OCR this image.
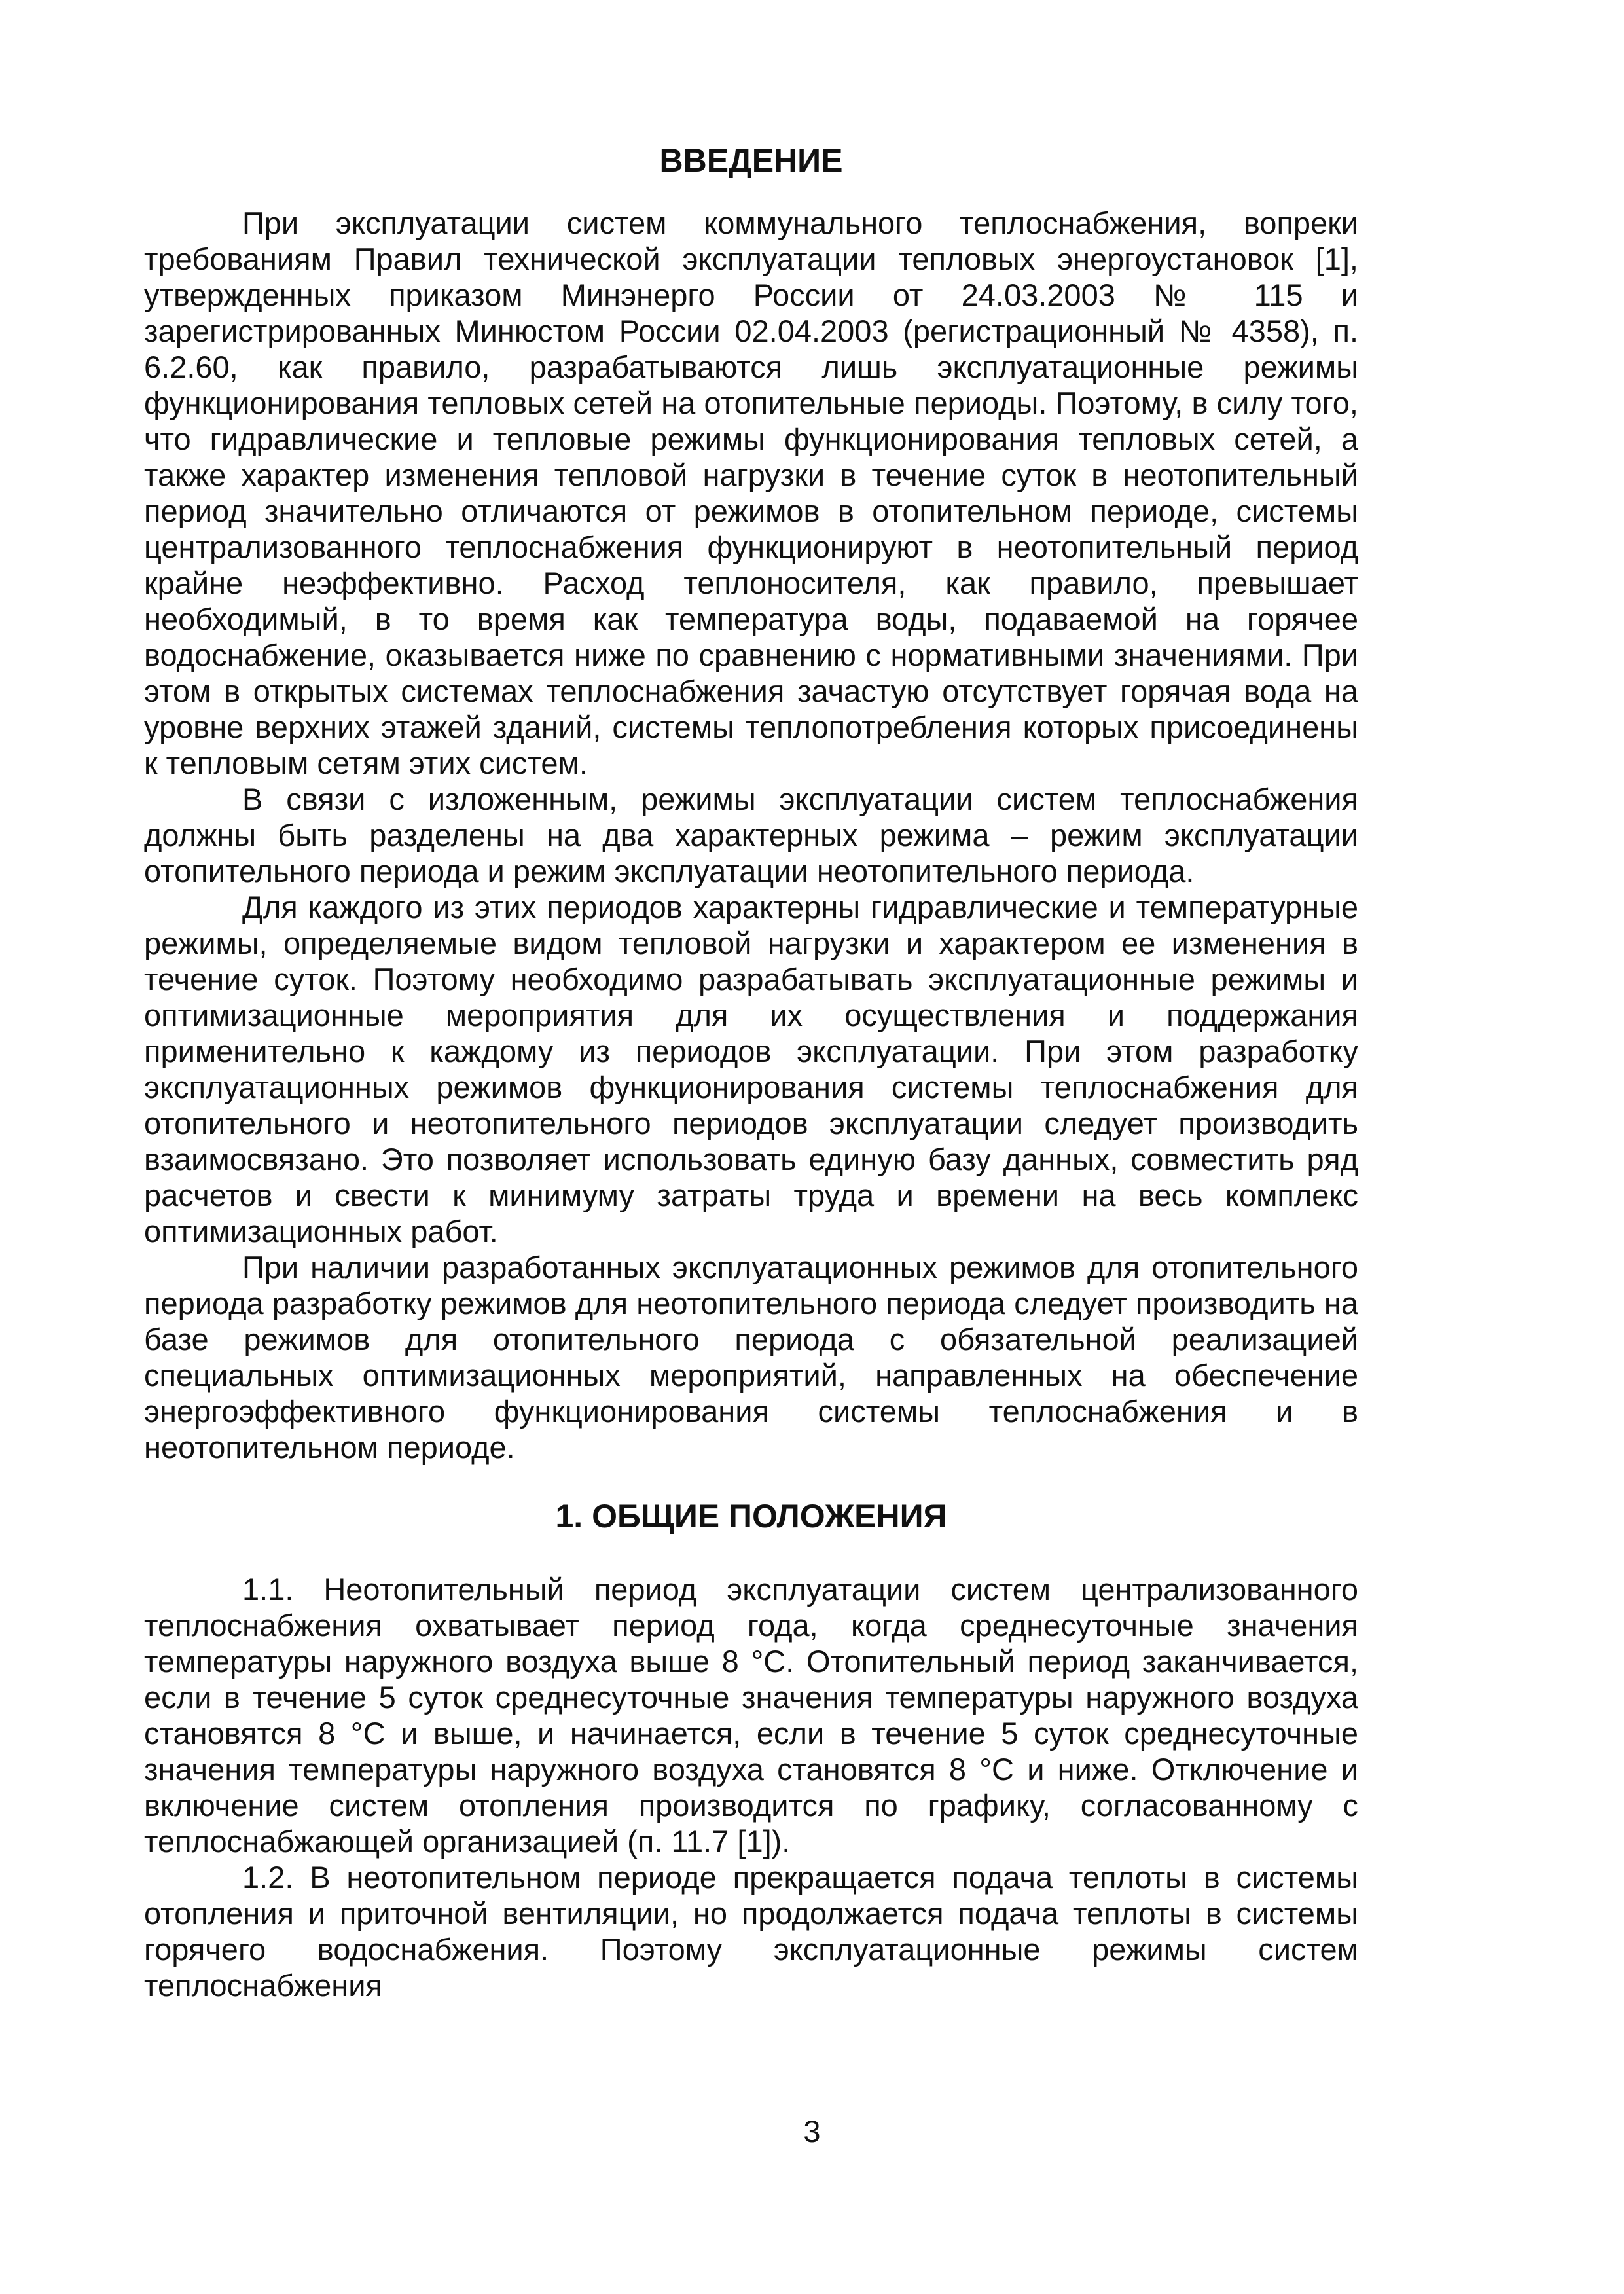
ВВЕДЕНИЕ

При эксплуатации систем коммунального теплоснабжения, вопреки требованиям Правил технической эксплуатации тепловых энергоустановок [1], утвержденных приказом Минэнерго России от 24.03.2003 № 115 и зарегистрированных Минюстом России 02.04.2003 (регистрационный № 4358), п. 6.2.60, как правило, разрабатываются лишь эксплуатационные режимы функционирования тепловых сетей на отопительные периоды. Поэтому, в силу того, что гидравлические и тепловые режимы функционирования тепловых сетей, а также характер изменения тепловой нагрузки в течение суток в неотопительный период значительно отличаются от режимов в отопительном периоде, системы централизованного теплоснабжения функционируют в неотопительный период крайне неэффективно. Расход теплоносителя, как правило, превышает необходимый, в то время как температура воды, подаваемой на горячее водоснабжение, оказывается ниже по сравнению с нормативными значениями. При этом в открытых системах теплоснабжения зачастую отсутствует горячая вода на уровне верхних этажей зданий, системы теплопотребления которых присоединены к тепловым сетям этих систем.

В связи с изложенным, режимы эксплуатации систем теплоснабжения должны быть разделены на два характерных режима – режим эксплуатации отопительного периода и режим эксплуатации неотопительного периода.

Для каждого из этих периодов характерны гидравлические и температурные режимы, определяемые видом тепловой нагрузки и характером ее изменения в течение суток. Поэтому необходимо разрабатывать эксплуатационные режимы и оптимизационные мероприятия для их осуществления и поддержания применительно к каждому из периодов эксплуатации. При этом разработку эксплуатационных режимов функционирования системы теплоснабжения для отопительного и неотопительного периодов эксплуатации следует производить взаимосвязано. Это позволяет использовать единую базу данных, совместить ряд расчетов и свести к минимуму затраты труда и времени на весь комплекс оптимизационных работ.

При наличии разработанных эксплуатационных режимов для отопительного периода разработку режимов для неотопительного периода следует производить на базе режимов для отопительного периода с обязательной реализацией специальных оптимизационных мероприятий, направленных на обеспечение энергоэффективного функционирования системы теплоснабжения и в неотопительном периоде.

1. ОБЩИЕ ПОЛОЖЕНИЯ

1.1. Неотопительный период эксплуатации систем централизованного теплоснабжения охватывает период года, когда среднесуточные значения температуры наружного воздуха выше 8 °С. Отопительный период заканчивается, если в течение 5 суток среднесуточные значения температуры наружного воздуха становятся 8 °С и выше, и начинается, если в течение 5 суток среднесуточные значения температуры наружного воздуха становятся 8 °С и ниже. Отключение и включение систем отопления производится по графику, согласованному с теплоснабжающей организацией (п. 11.7 [1]).

1.2. В неотопительном периоде прекращается подача теплоты в системы отопления и приточной вентиляции, но продолжается подача теплоты в системы горячего водоснабжения. Поэтому эксплуатационные режимы систем теплоснабжения

3
